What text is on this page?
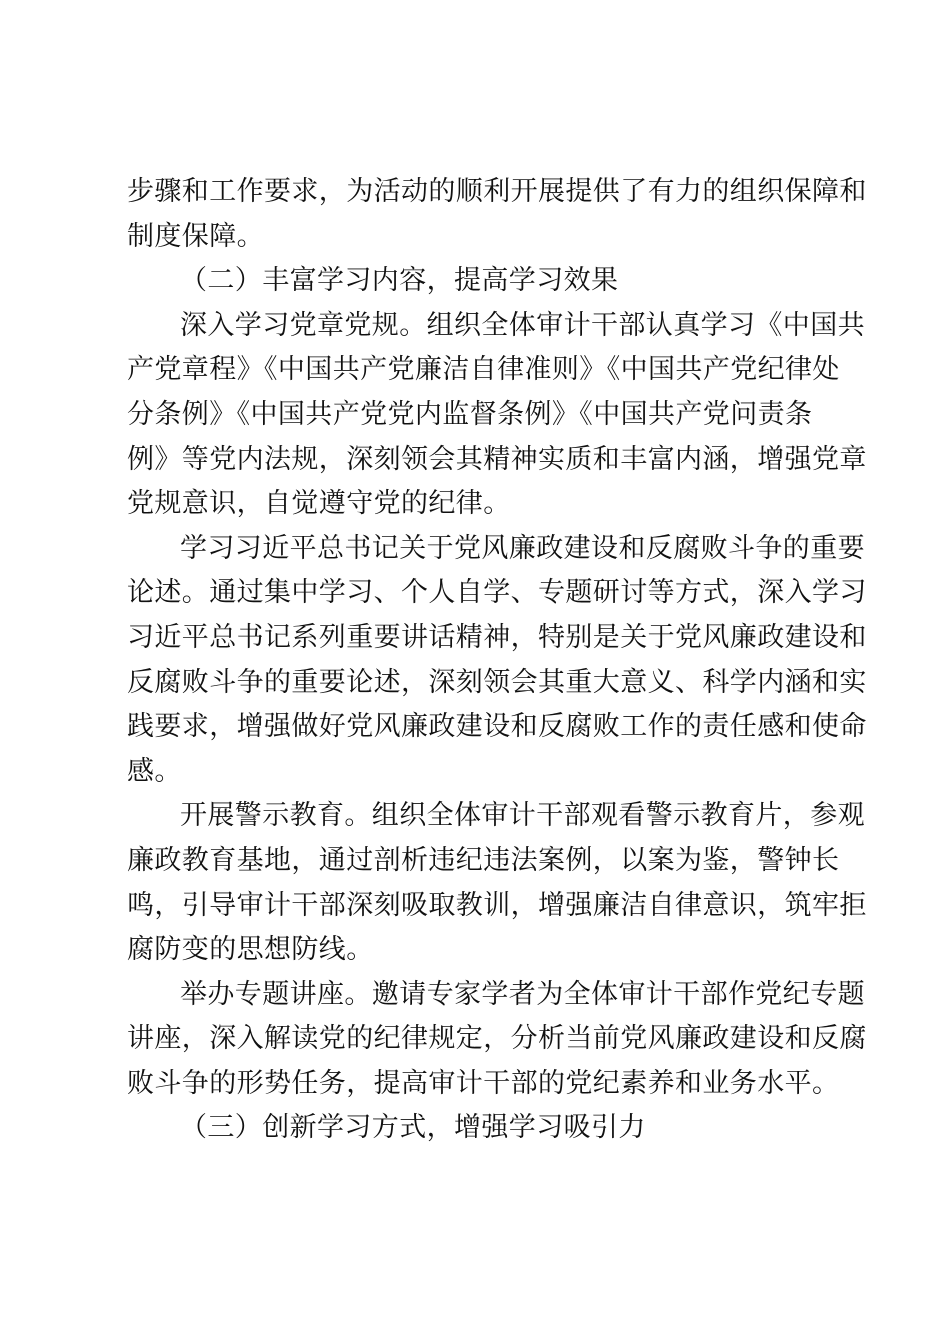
步骤和工作要求，为活动的顺利开展提供了有力的组织保障和
制度保障。
（二）丰富学习内容，提高学习效果
深入学习党章党规。组织全体审计干部认真学习《中国共
产党章程》《中国共产党廉洁自律准则》《中国共产党纪律处
分条例》《中国共产党党内监督条例》《中国共产党问责条
例》等党内法规，深刻领会其精神实质和丰富内涵，增强党章
党规意识，自觉遵守党的纪律。
学习习近平总书记关于党风廉政建设和反腐败斗争的重要
论述。通过集中学习、个人自学、专题研讨等方式，深入学习
习近平总书记系列重要讲话精神，特别是关于党风廉政建设和
反腐败斗争的重要论述，深刻领会其重大意义、科学内涵和实
践要求，增强做好党风廉政建设和反腐败工作的责任感和使命
感。
开展警示教育。组织全体审计干部观看警示教育片，参观
廉政教育基地，通过剖析违纪违法案例，以案为鉴，警钟长
鸣，引导审计干部深刻吸取教训，增强廉洁自律意识，筑牢拒
腐防变的思想防线。
举办专题讲座。邀请专家学者为全体审计干部作党纪专题
讲座，深入解读党的纪律规定，分析当前党风廉政建设和反腐
败斗争的形势任务，提高审计干部的党纪素养和业务水平。
（三）创新学习方式，增强学习吸引力
